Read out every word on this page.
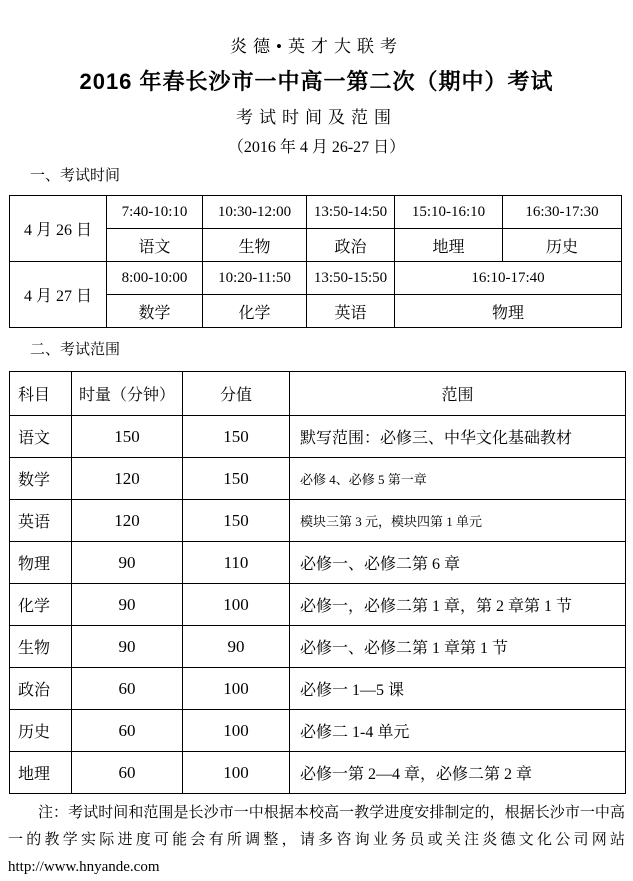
炎德•英才大联考
2016 年春长沙市一中高一第二次（期中）考试
考试时间及范围
（2016 年 4 月 26-27 日）
一、考试时间
4 月 26 日	7:40-10:10	10:30-12:00	13:50-14:50	15:10-16:10	16:30-17:30
	语文	生物	政治	地理	历史
4 月 27 日	8:00-10:00	10:20-11:50	13:50-15:50	16:10-17:40	
	数学	化学	英语	物理	
二、考试范围
科目	时量（分钟）	分值	范围
语文	150	150	默写范围：必修三、中华文化基础教材
数学	120	150	必修 4、必修 5 第一章
英语	120	150	模块三第 3 元，模块四第 1 单元
物理	90	110	必修一、必修二第 6 章
化学	90	100	必修一，必修二第 1 章，第 2 章第 1 节
生物	90	90	必修一、必修二第 1 章第 1 节
政治	60	100	必修一 1—5 课
历史	60	100	必修二 1-4 单元
地理	60	100	必修一第 2—4 章，必修二第 2 章

注：考试时间和范围是长沙市一中根据本校高一教学进度安排制定的，根据长沙市一中高一的教学实际进度可能会有所调整，请多咨询业务员或关注炎德文化公司网站http://www.hnyande.com
